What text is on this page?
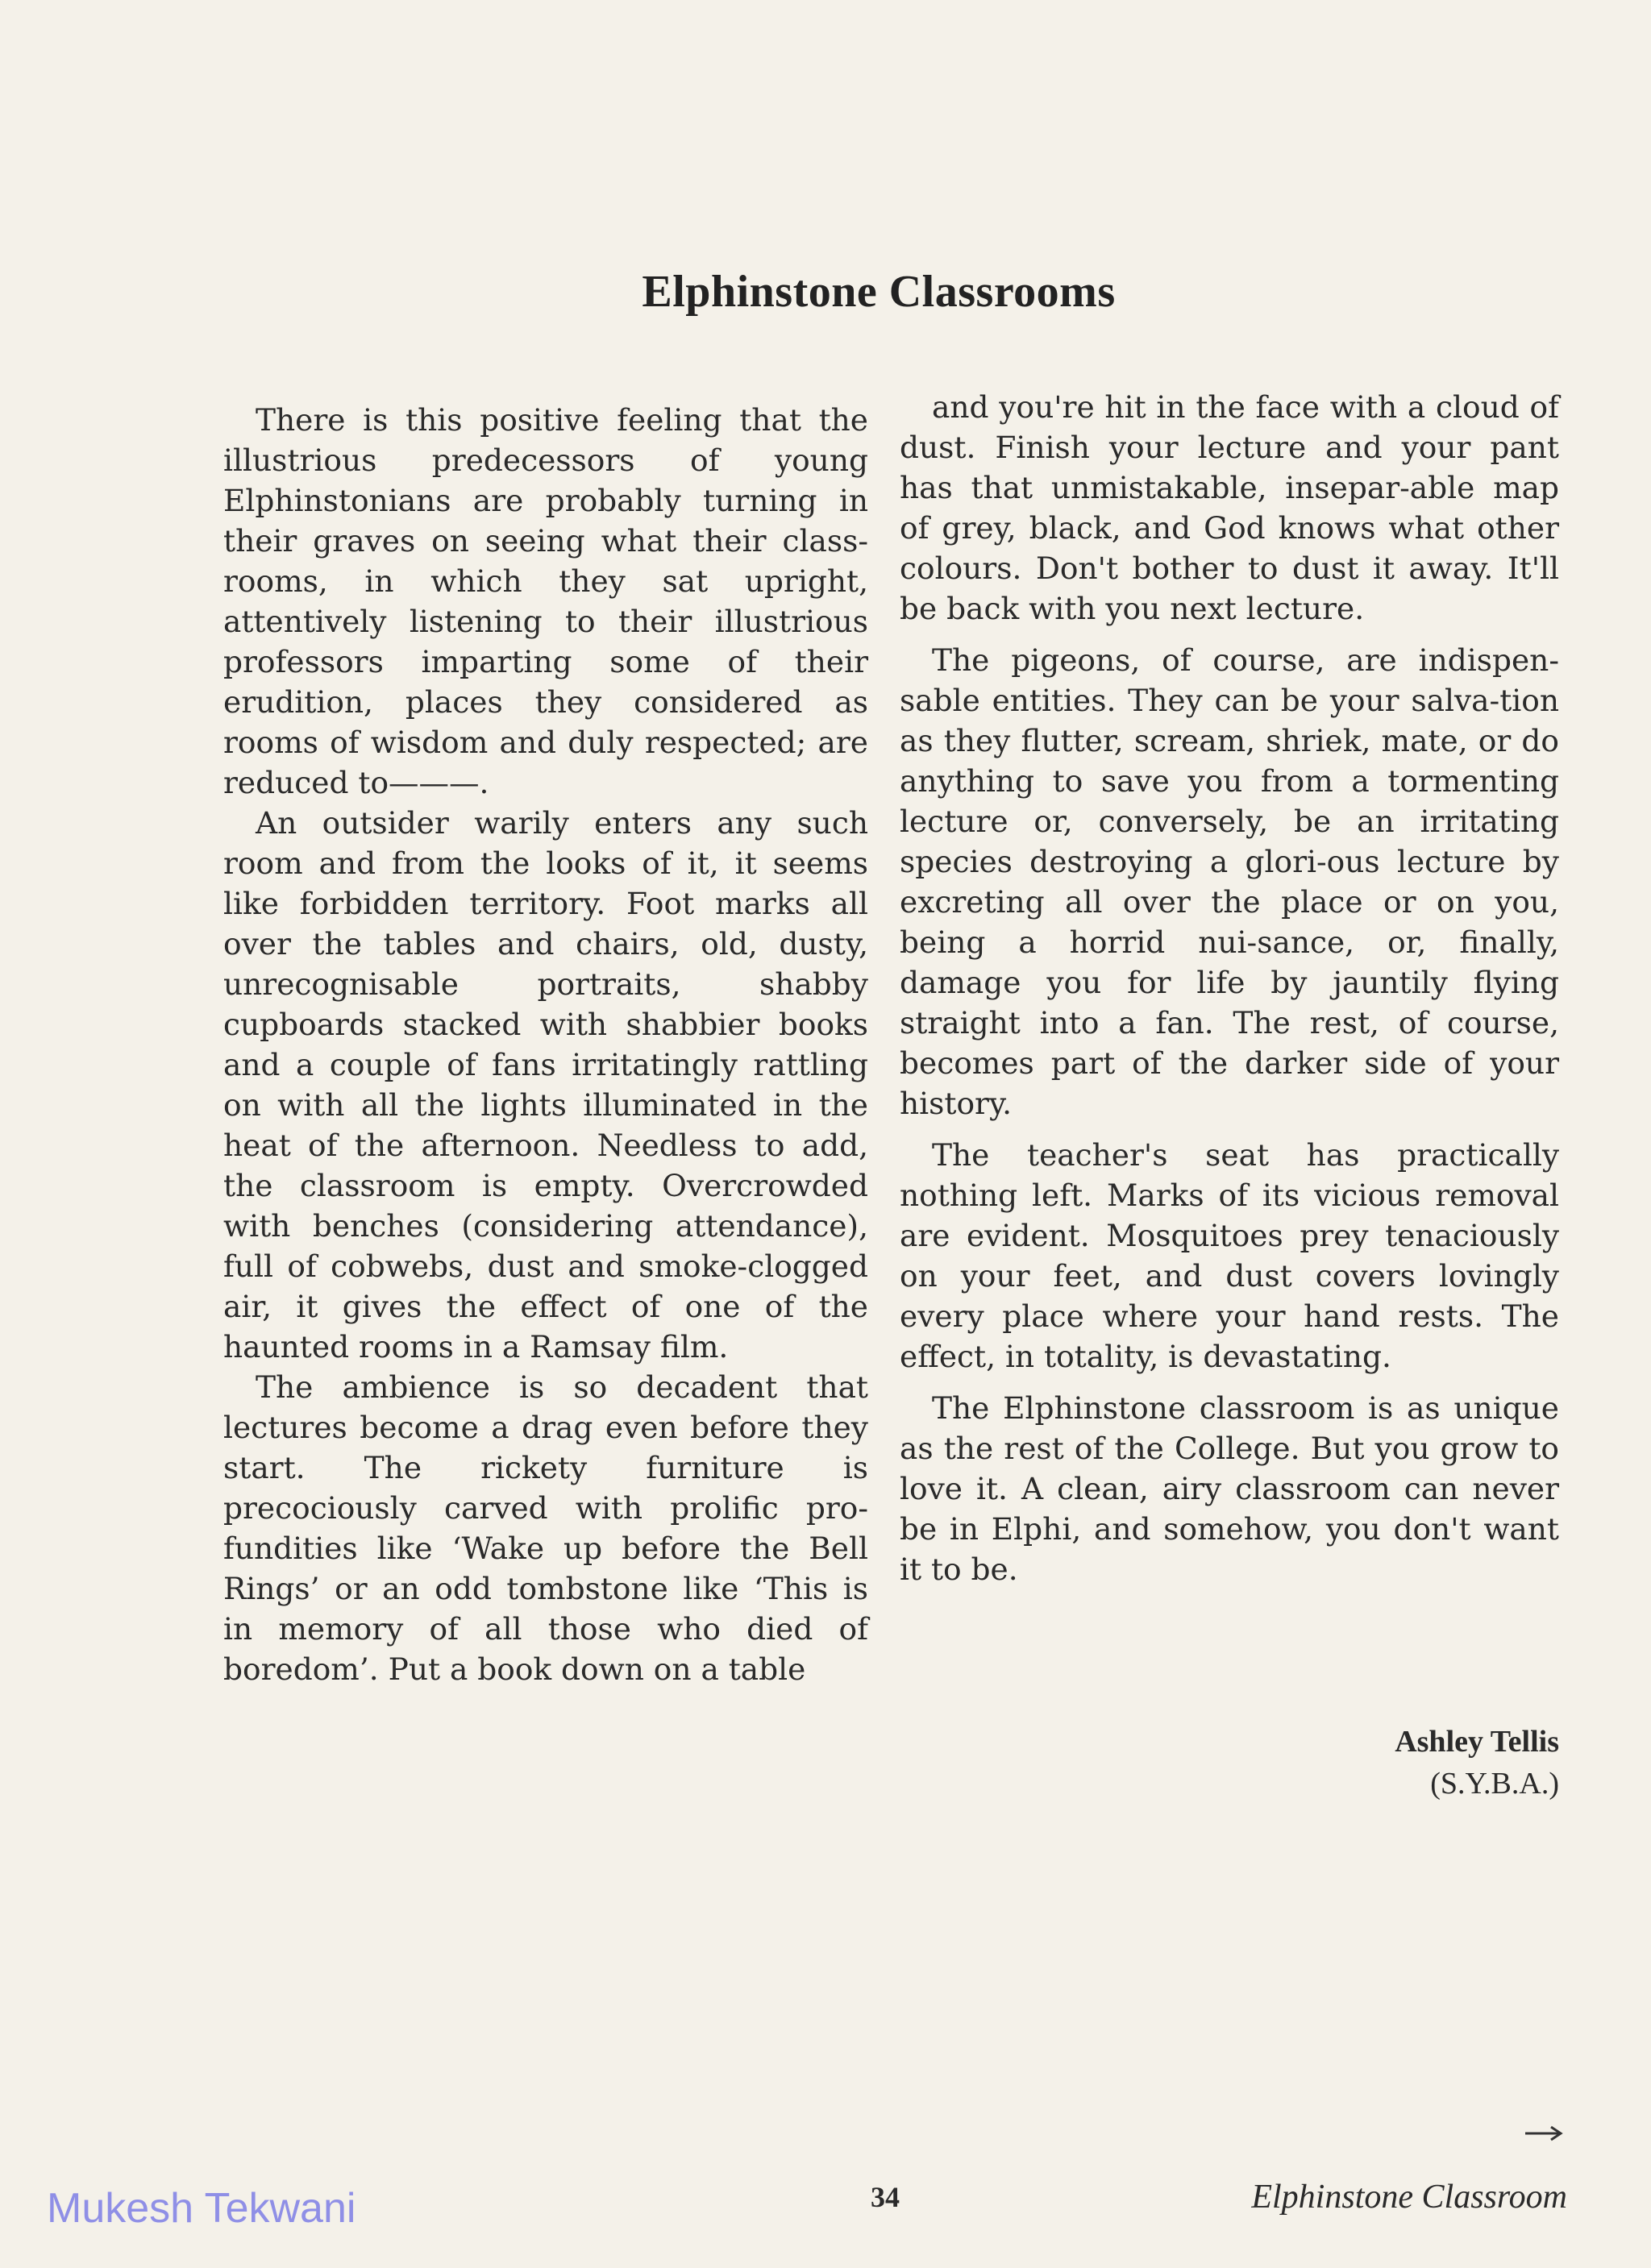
Elphinstone Classrooms

There is this positive feeling that the illustrious predecessors of young Elphinstonians are probably turning in their graves on seeing what their class-rooms, in which they sat upright, attentively listening to their illustrious professors imparting some of their erudition, places they considered as rooms of wisdom and duly respected; are reduced to———.

An outsider warily enters any such room and from the looks of it, it seems like forbidden territory. Foot marks all over the tables and chairs, old, dusty, unrecognisable portraits, shabby cupboards stacked with shabbier books and a couple of fans irritatingly rattling on with all the lights illuminated in the heat of the afternoon. Needless to add, the classroom is empty. Overcrowded with benches (considering attendance), full of cobwebs, dust and smoke-clogged air, it gives the effect of one of the haunted rooms in a Ramsay film.

The ambience is so decadent that lectures become a drag even before they start. The rickety furniture is precociously carved with prolific pro-fundities like ‘Wake up before the Bell Rings’ or an odd tombstone like ‘This is in memory of all those who died of boredom’. Put a book down on a table

and you're hit in the face with a cloud of dust. Finish your lecture and your pant has that unmistakable, insepar-able map of grey, black, and God knows what other colours. Don't bother to dust it away. It'll be back with you next lecture.

The pigeons, of course, are indispen-sable entities. They can be your salva-tion as they flutter, scream, shriek, mate, or do anything to save you from a tormenting lecture or, conversely, be an irritating species destroying a glori-ous lecture by excreting all over the place or on you, being a horrid nui-sance, or, finally, damage you for life by jauntily flying straight into a fan. The rest, of course, becomes part of the darker side of your history.

The teacher's seat has practically nothing left. Marks of its vicious removal are evident. Mosquitoes prey tenaciously on your feet, and dust covers lovingly every place where your hand rests. The effect, in totality, is devastating.

The Elphinstone classroom is as unique as the rest of the College. But you grow to love it. A clean, airy classroom can never be in Elphi, and somehow, you don't want it to be.

Ashley Tellis
(S.Y.B.A.)
34	Elphinstone Classroom
Mukesh Tekwani
